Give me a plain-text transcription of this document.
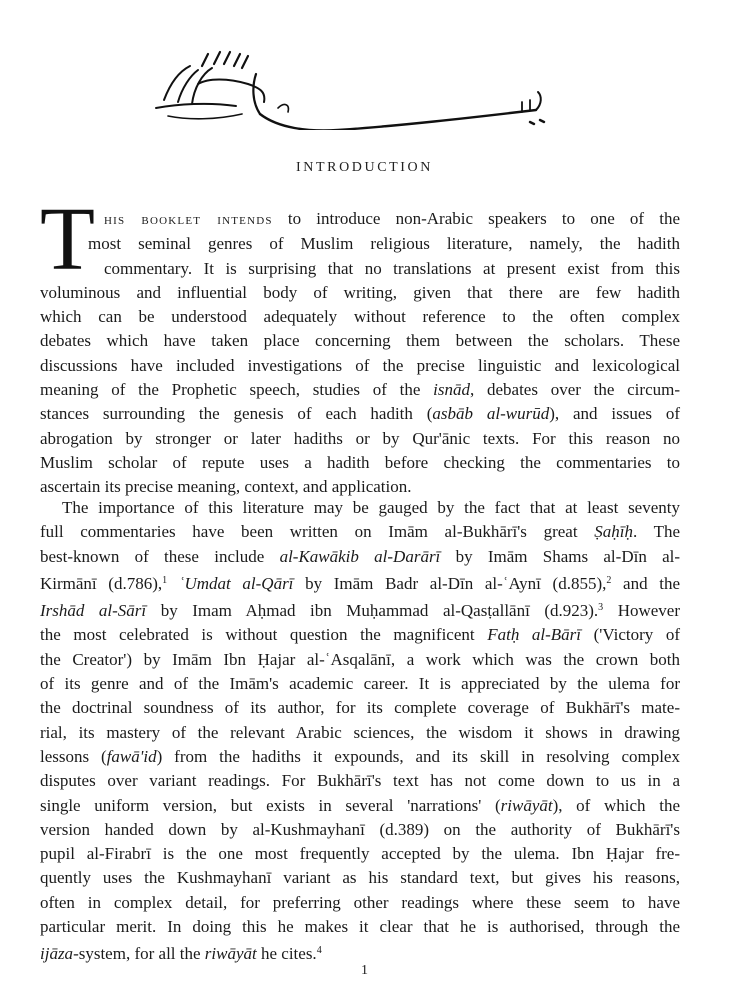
INTRODUCTION
T his booklet intends to introduce non-Arabic speakers to one of the
most seminal genres of Muslim religious literature, namely, the hadith
commentary. It is surprising that no translations at present exist from this
voluminous and influential body of writing, given that there are few hadith
which can be understood adequately without reference to the often complex
debates which have taken place concerning them between the scholars. These
discussions have included investigations of the precise linguistic and lexicological
meaning of the Prophetic speech, studies of the isnād, debates over the circum-
stances surrounding the genesis of each hadith (asbāb al-wurūd), and issues of
abrogation by stronger or later hadiths or by Qur'ānic texts. For this reason no
Muslim scholar of repute uses a hadith before checking the commentaries to
ascertain its precise meaning, context, and application.
The importance of this literature may be gauged by the fact that at least seventy
full commentaries have been written on Imām al-Bukhārī's great Ṣaḥīḥ. The
best-known of these include al-Kawākib al-Darārī by Imām Shams al-Dīn al-
Kirmānī (d.786),$^1$ ʿUmdat al-Qārī by Imām Badr al-Dīn al-ʿAynī (d.855),$^2$ and the
Irshād al-Sārī by Imam Aḥmad ibn Muḥammad al-Qasṭallānī (d.923).$^3$ However
the most celebrated is without question the magnificent Fatḥ al-Bārī ('Victory of
the Creator') by Imām Ibn Ḥajar al-ʿAsqalānī, a work which was the crown both
of its genre and of the Imām's academic career. It is appreciated by the ulema for
the doctrinal soundness of its author, for its complete coverage of Bukhārī's mate-
rial, its mastery of the relevant Arabic sciences, the wisdom it shows in drawing
lessons (fawā'id) from the hadiths it expounds, and its skill in resolving complex
disputes over variant readings. For Bukhārī's text has not come down to us in a
single uniform version, but exists in several 'narrations' (riwāyāt), of which the
version handed down by al-Kushmayhanī (d.389) on the authority of Bukhārī's
pupil al-Firabrī is the one most frequently accepted by the ulema. Ibn Ḥajar fre-
quently uses the Kushmayhanī variant as his standard text, but gives his reasons,
often in complex detail, for preferring other readings where these seem to have
particular merit. In doing this he makes it clear that he is authorised, through the
ijāza-system, for all the riwāyāt he cites.$^4$
1
